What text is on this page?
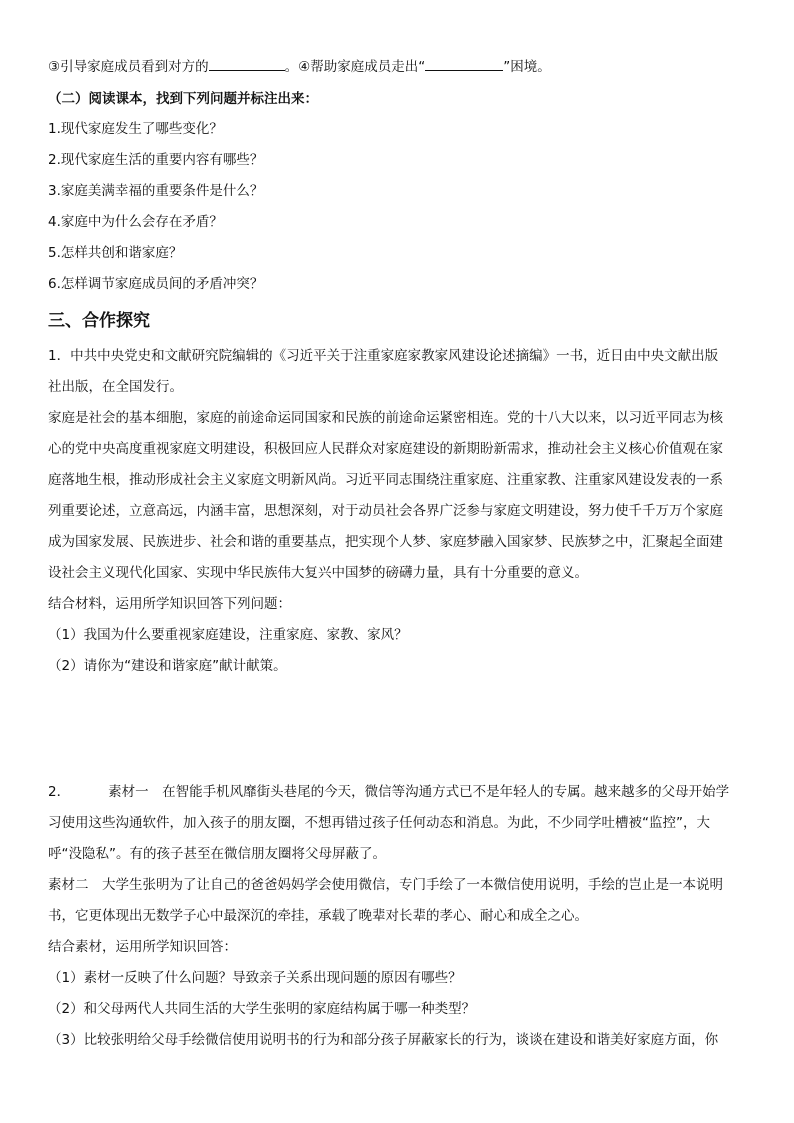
③引导家庭成员看到对方的	。④帮助家庭成员走出“	”困境。
（二）阅读课本，找到下列问题并标注出来：
1.现代家庭发生了哪些变化？
2.现代家庭生活的重要内容有哪些？
3.家庭美满幸福的重要条件是什么？
4.家庭中为什么会存在矛盾？
5.怎样共创和谐家庭？
6.怎样调节家庭成员间的矛盾冲突？
三、合作探究
1．中共中央党史和文献研究院编辑的《习近平关于注重家庭家教家风建设论述摘编》一书，近日由中央文献出版
社出版，在全国发行。
家庭是社会的基本细胞，家庭的前途命运同国家和民族的前途命运紧密相连。党的十八大以来，以习近平同志为核
心的党中央高度重视家庭文明建设，积极回应人民群众对家庭建设的新期盼新需求，推动社会主义核心价值观在家
庭落地生根，推动形成社会主义家庭文明新风尚。习近平同志围绕注重家庭、注重家教、注重家风建设发表的一系
列重要论述，立意高远，内涵丰富，思想深刻，对于动员社会各界广泛参与家庭文明建设，努力使千千万万个家庭
成为国家发展、民族进步、社会和谐的重要基点，把实现个人梦、家庭梦融入国家梦、民族梦之中，汇聚起全面建
设社会主义现代化国家、实现中华民族伟大复兴中国梦的磅礴力量，具有十分重要的意义。
结合材料，运用所学知识回答下列问题：
（1）我国为什么要重视家庭建设，注重家庭、家教、家风？
（2）请你为“建设和谐家庭”献计献策。
2．	素材一　在智能手机风靡街头巷尾的今天，微信等沟通方式已不是年轻人的专属。越来越多的父母开始学
习使用这些沟通软件，加入孩子的朋友圈，不想再错过孩子任何动态和消息。为此，不少同学吐槽被“监控”，大
呼“没隐私”。有的孩子甚至在微信朋友圈将父母屏蔽了。
素材二　大学生张明为了让自己的爸爸妈妈学会使用微信，专门手绘了一本微信使用说明，手绘的岂止是一本说明
书，它更体现出无数学子心中最深沉的牵挂，承载了晚辈对长辈的孝心、耐心和成全之心。
结合素材，运用所学知识回答：
（1）素材一反映了什么问题？导致亲子关系出现问题的原因有哪些？
（2）和父母两代人共同生活的大学生张明的家庭结构属于哪一种类型？
（3）比较张明给父母手绘微信使用说明书的行为和部分孩子屏蔽家长的行为，谈谈在建设和谐美好家庭方面，你
